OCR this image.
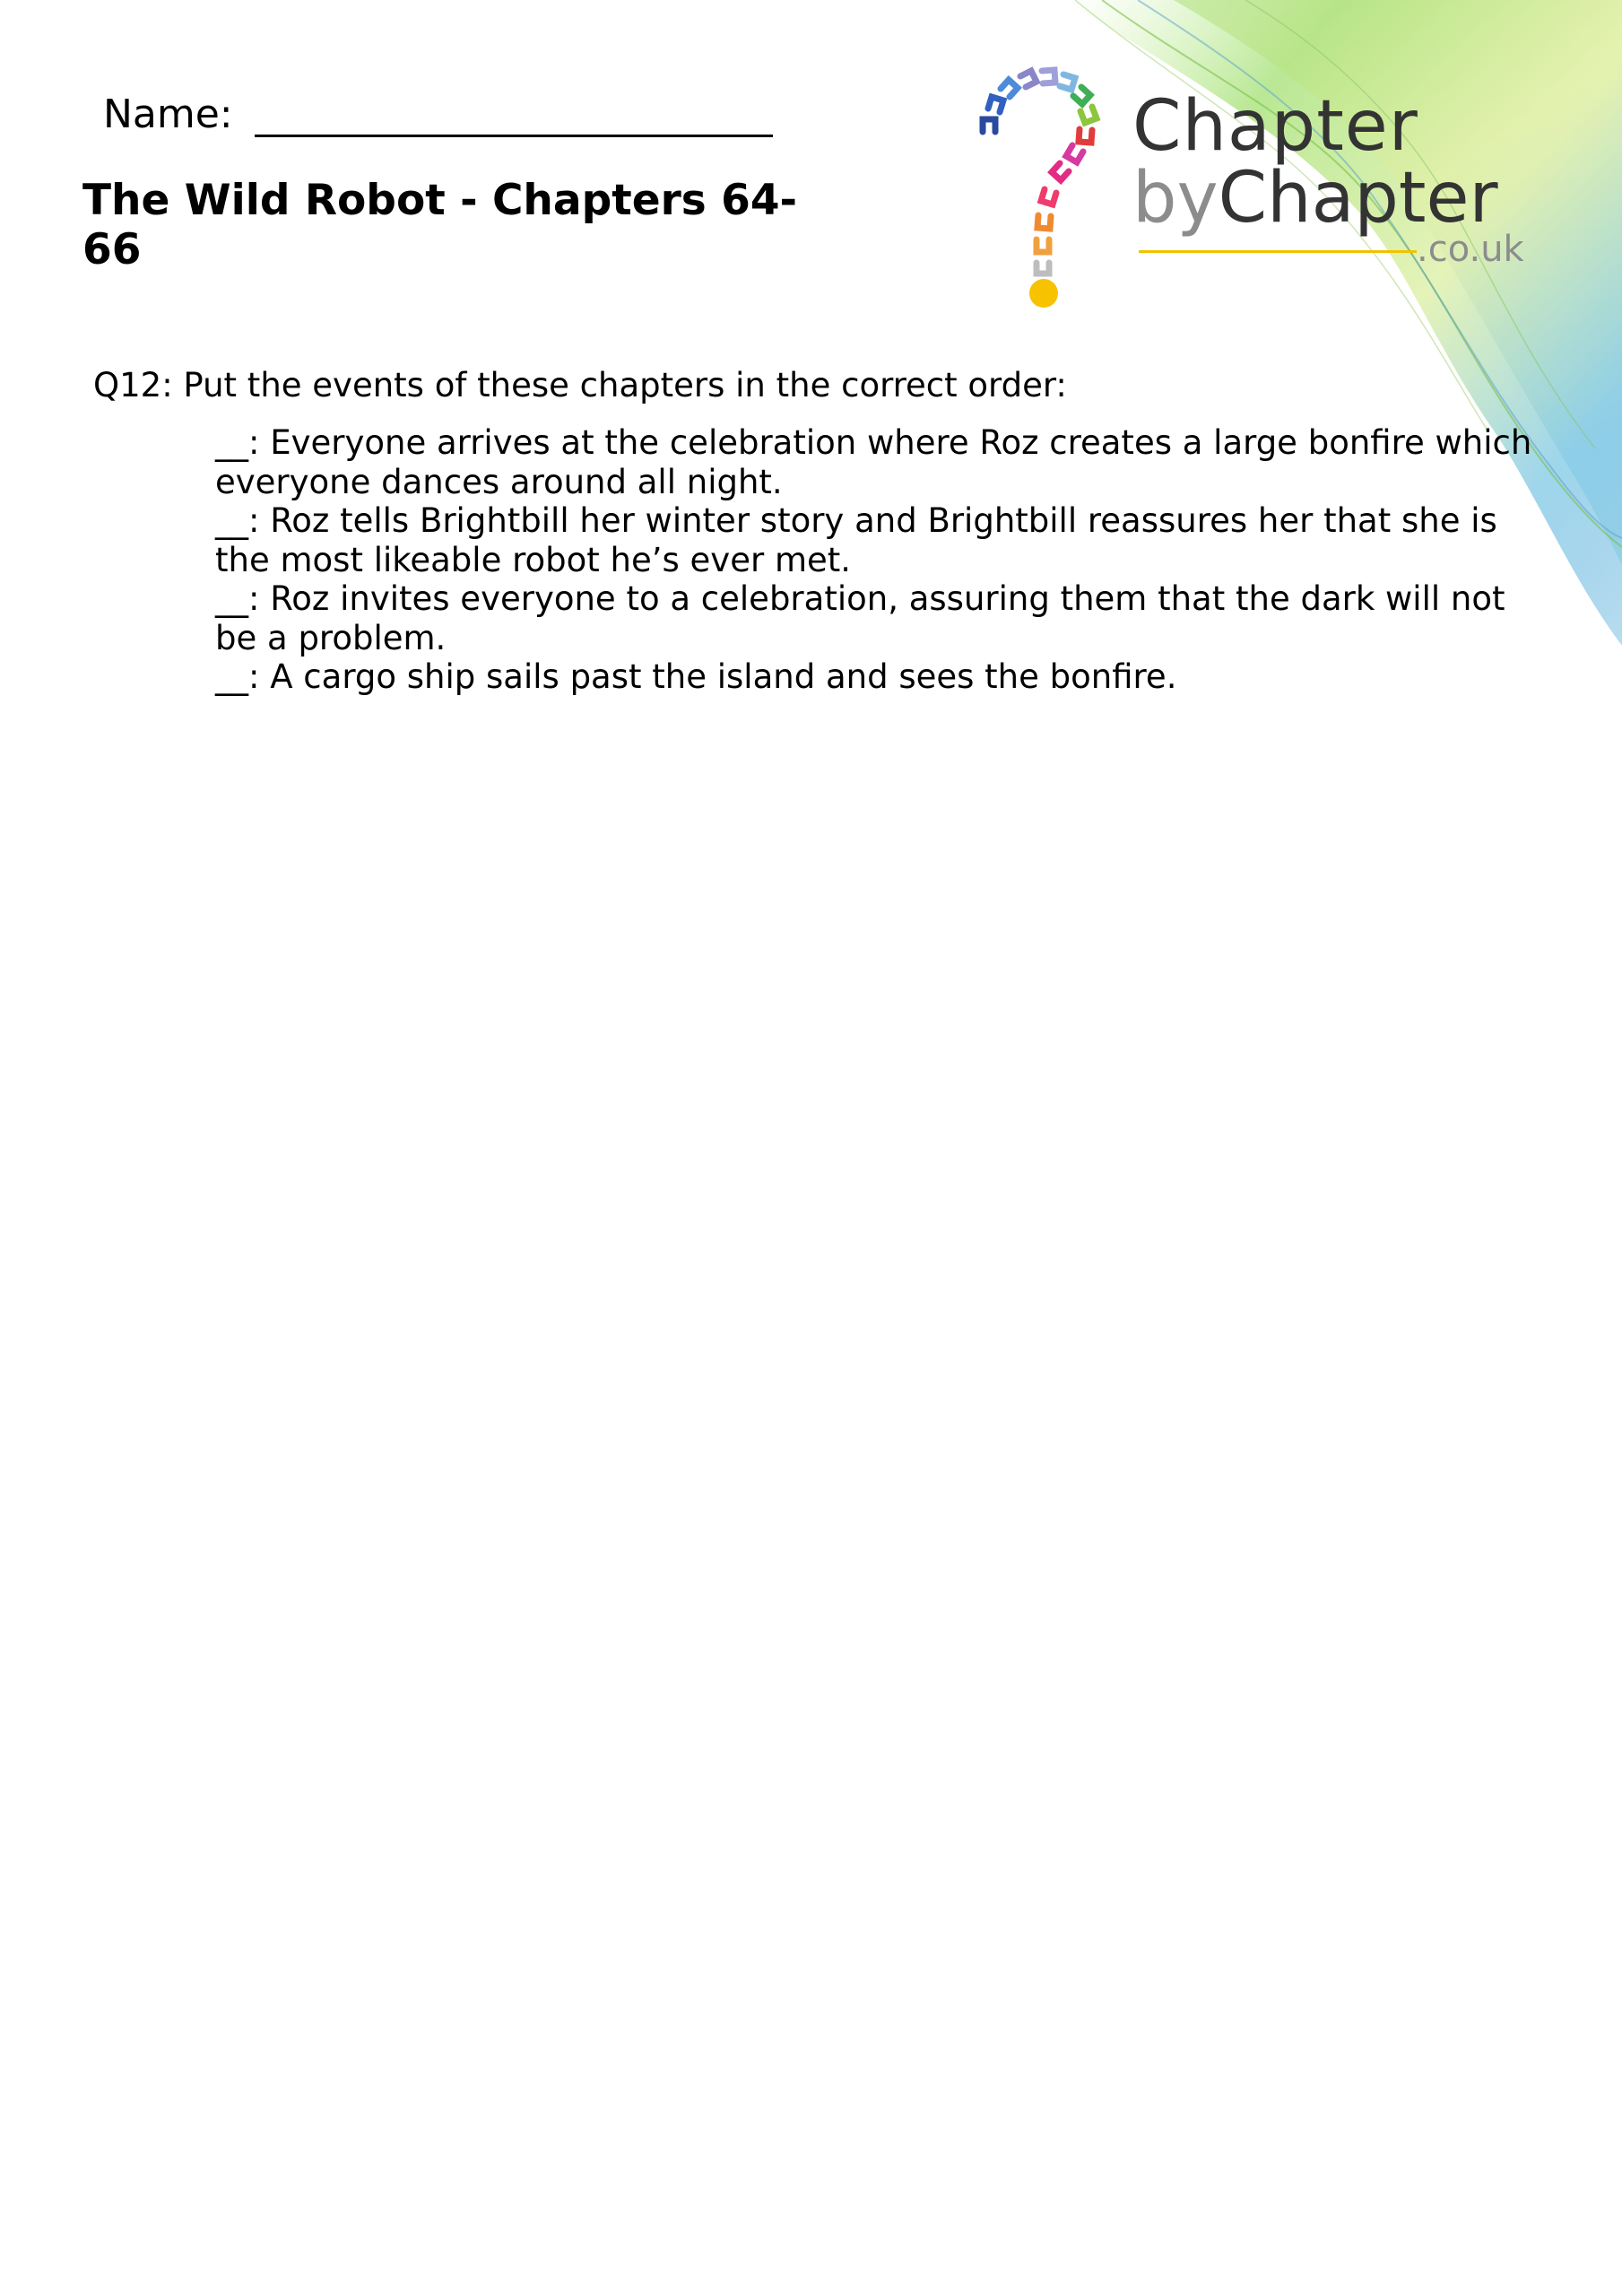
Name:
The Wild Robot - Chapters 64-66
Chapter
byChapter
.co.uk
Q12: Put the events of these chapters in the correct order:

__: Everyone arrives at the celebration where Roz creates a large bonfire which everyone dances around all night.

__: Roz tells Brightbill her winter story and Brightbill reassures her that she is the most likeable robot he’s ever met.

__: Roz invites everyone to a celebration, assuring them that the dark will not be a problem.

__: A cargo ship sails past the island and sees the bonfire.
